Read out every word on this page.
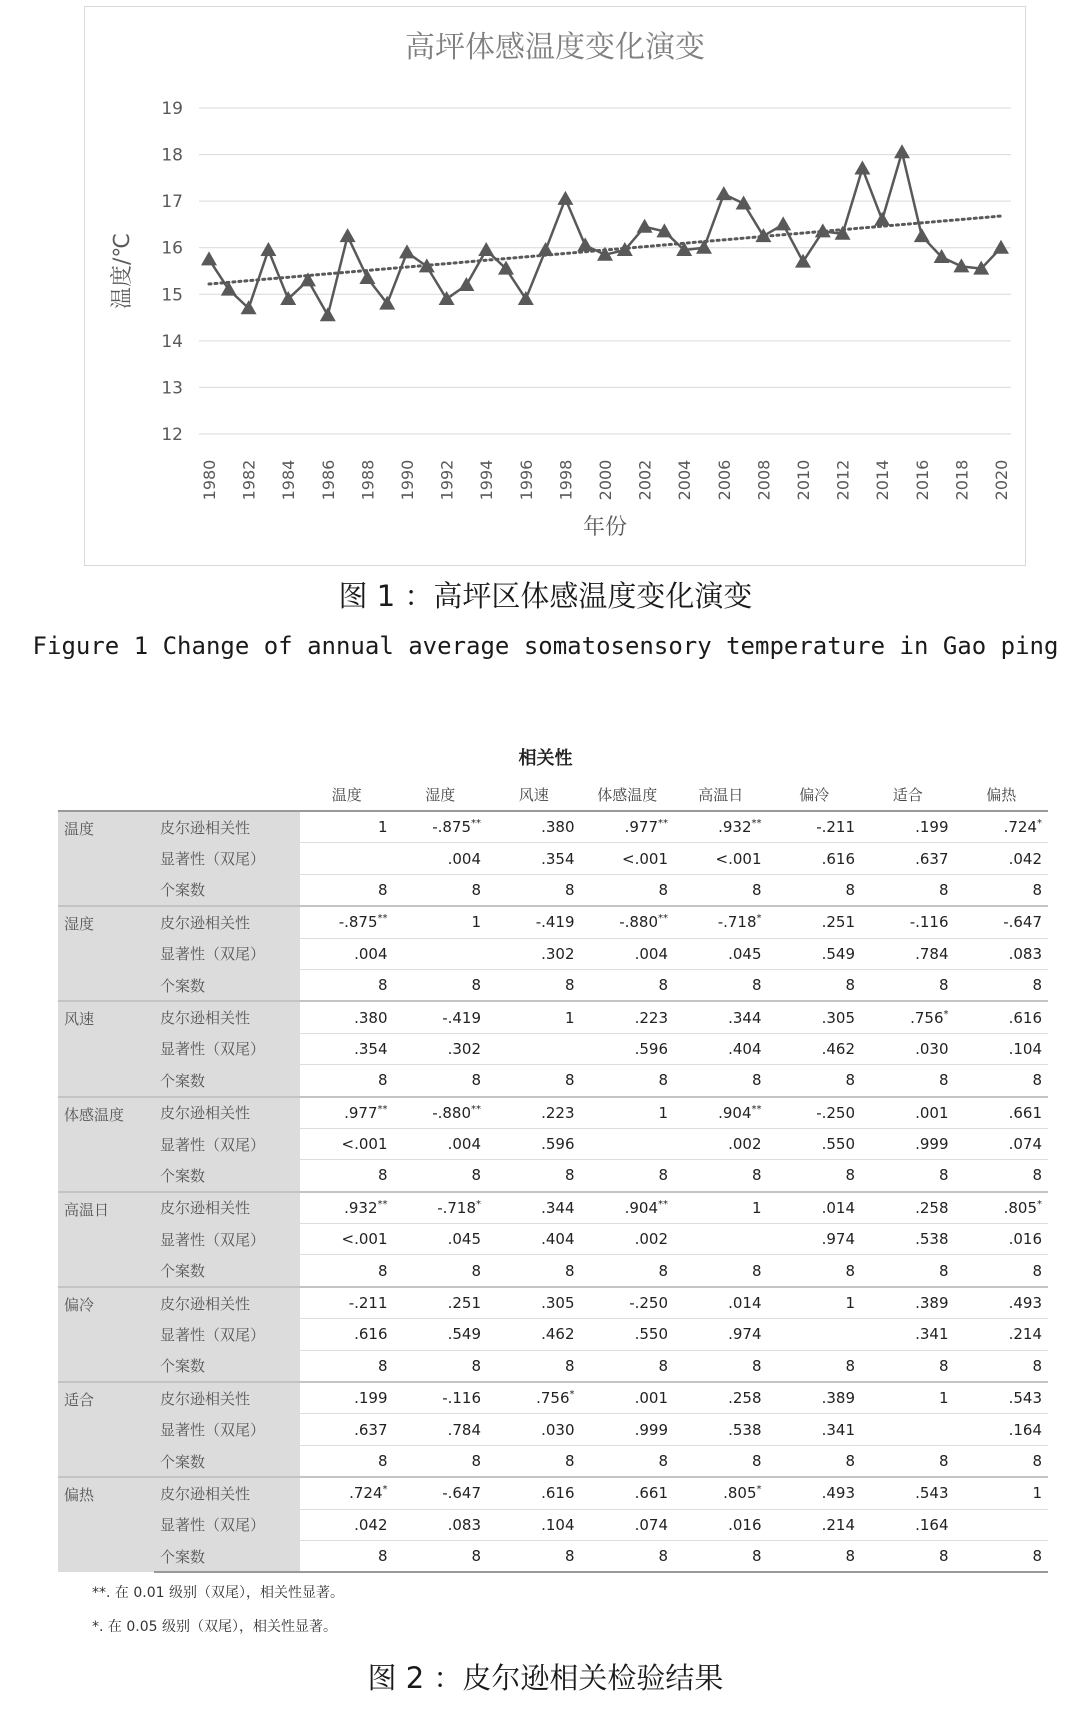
高坪体感温度变化演变
12
13
14
15
16
17
18
19
1980 1982 1984 1986 1988 1990 1992 1994 1996 1998 2000 2002 2004 2006 2008 2010 2012 2014 2016 2018 2020
年份
温度/℃
图 1 ：高坪区体感温度变化演变
Figure 1 Change of annual average somatosensory temperature in Gao ping
相关性
		温度	湿度	风速	体感温度	高温日	偏冷	适合	偏热
温度	皮尔逊相关性	1	-.875**	.380	.977**	.932**	-.211	.199	.724*
	显著性（双尾）		.004	.354	<.001	<.001	.616	.637	.042
	个案数	8	8	8	8	8	8	8	8
湿度	皮尔逊相关性	-.875**	1	-.419	-.880**	-.718*	.251	-.116	-.647
	显著性（双尾）	.004		.302	.004	.045	.549	.784	.083
	个案数	8	8	8	8	8	8	8	8
风速	皮尔逊相关性	.380	-.419	1	.223	.344	.305	.756*	.616
	显著性（双尾）	.354	.302		.596	.404	.462	.030	.104
	个案数	8	8	8	8	8	8	8	8
体感温度	皮尔逊相关性	.977**	-.880**	.223	1	.904**	-.250	.001	.661
	显著性（双尾）	<.001	.004	.596		.002	.550	.999	.074
	个案数	8	8	8	8	8	8	8	8
高温日	皮尔逊相关性	.932**	-.718*	.344	.904**	1	.014	.258	.805*
	显著性（双尾）	<.001	.045	.404	.002		.974	.538	.016
	个案数	8	8	8	8	8	8	8	8
偏冷	皮尔逊相关性	-.211	.251	.305	-.250	.014	1	.389	.493
	显著性（双尾）	.616	.549	.462	.550	.974		.341	.214
	个案数	8	8	8	8	8	8	8	8
适合	皮尔逊相关性	.199	-.116	.756*	.001	.258	.389	1	.543
	显著性（双尾）	.637	.784	.030	.999	.538	.341		.164
	个案数	8	8	8	8	8	8	8	8
偏热	皮尔逊相关性	.724*	-.647	.616	.661	.805*	.493	.543	1
	显著性（双尾）	.042	.083	.104	.074	.016	.214	.164	
	个案数	8	8	8	8	8	8	8	8
**. 在 0.01 级别（双尾），相关性显著。
*. 在 0.05 级别（双尾），相关性显著。
图 2 ：皮尔逊相关检验结果
